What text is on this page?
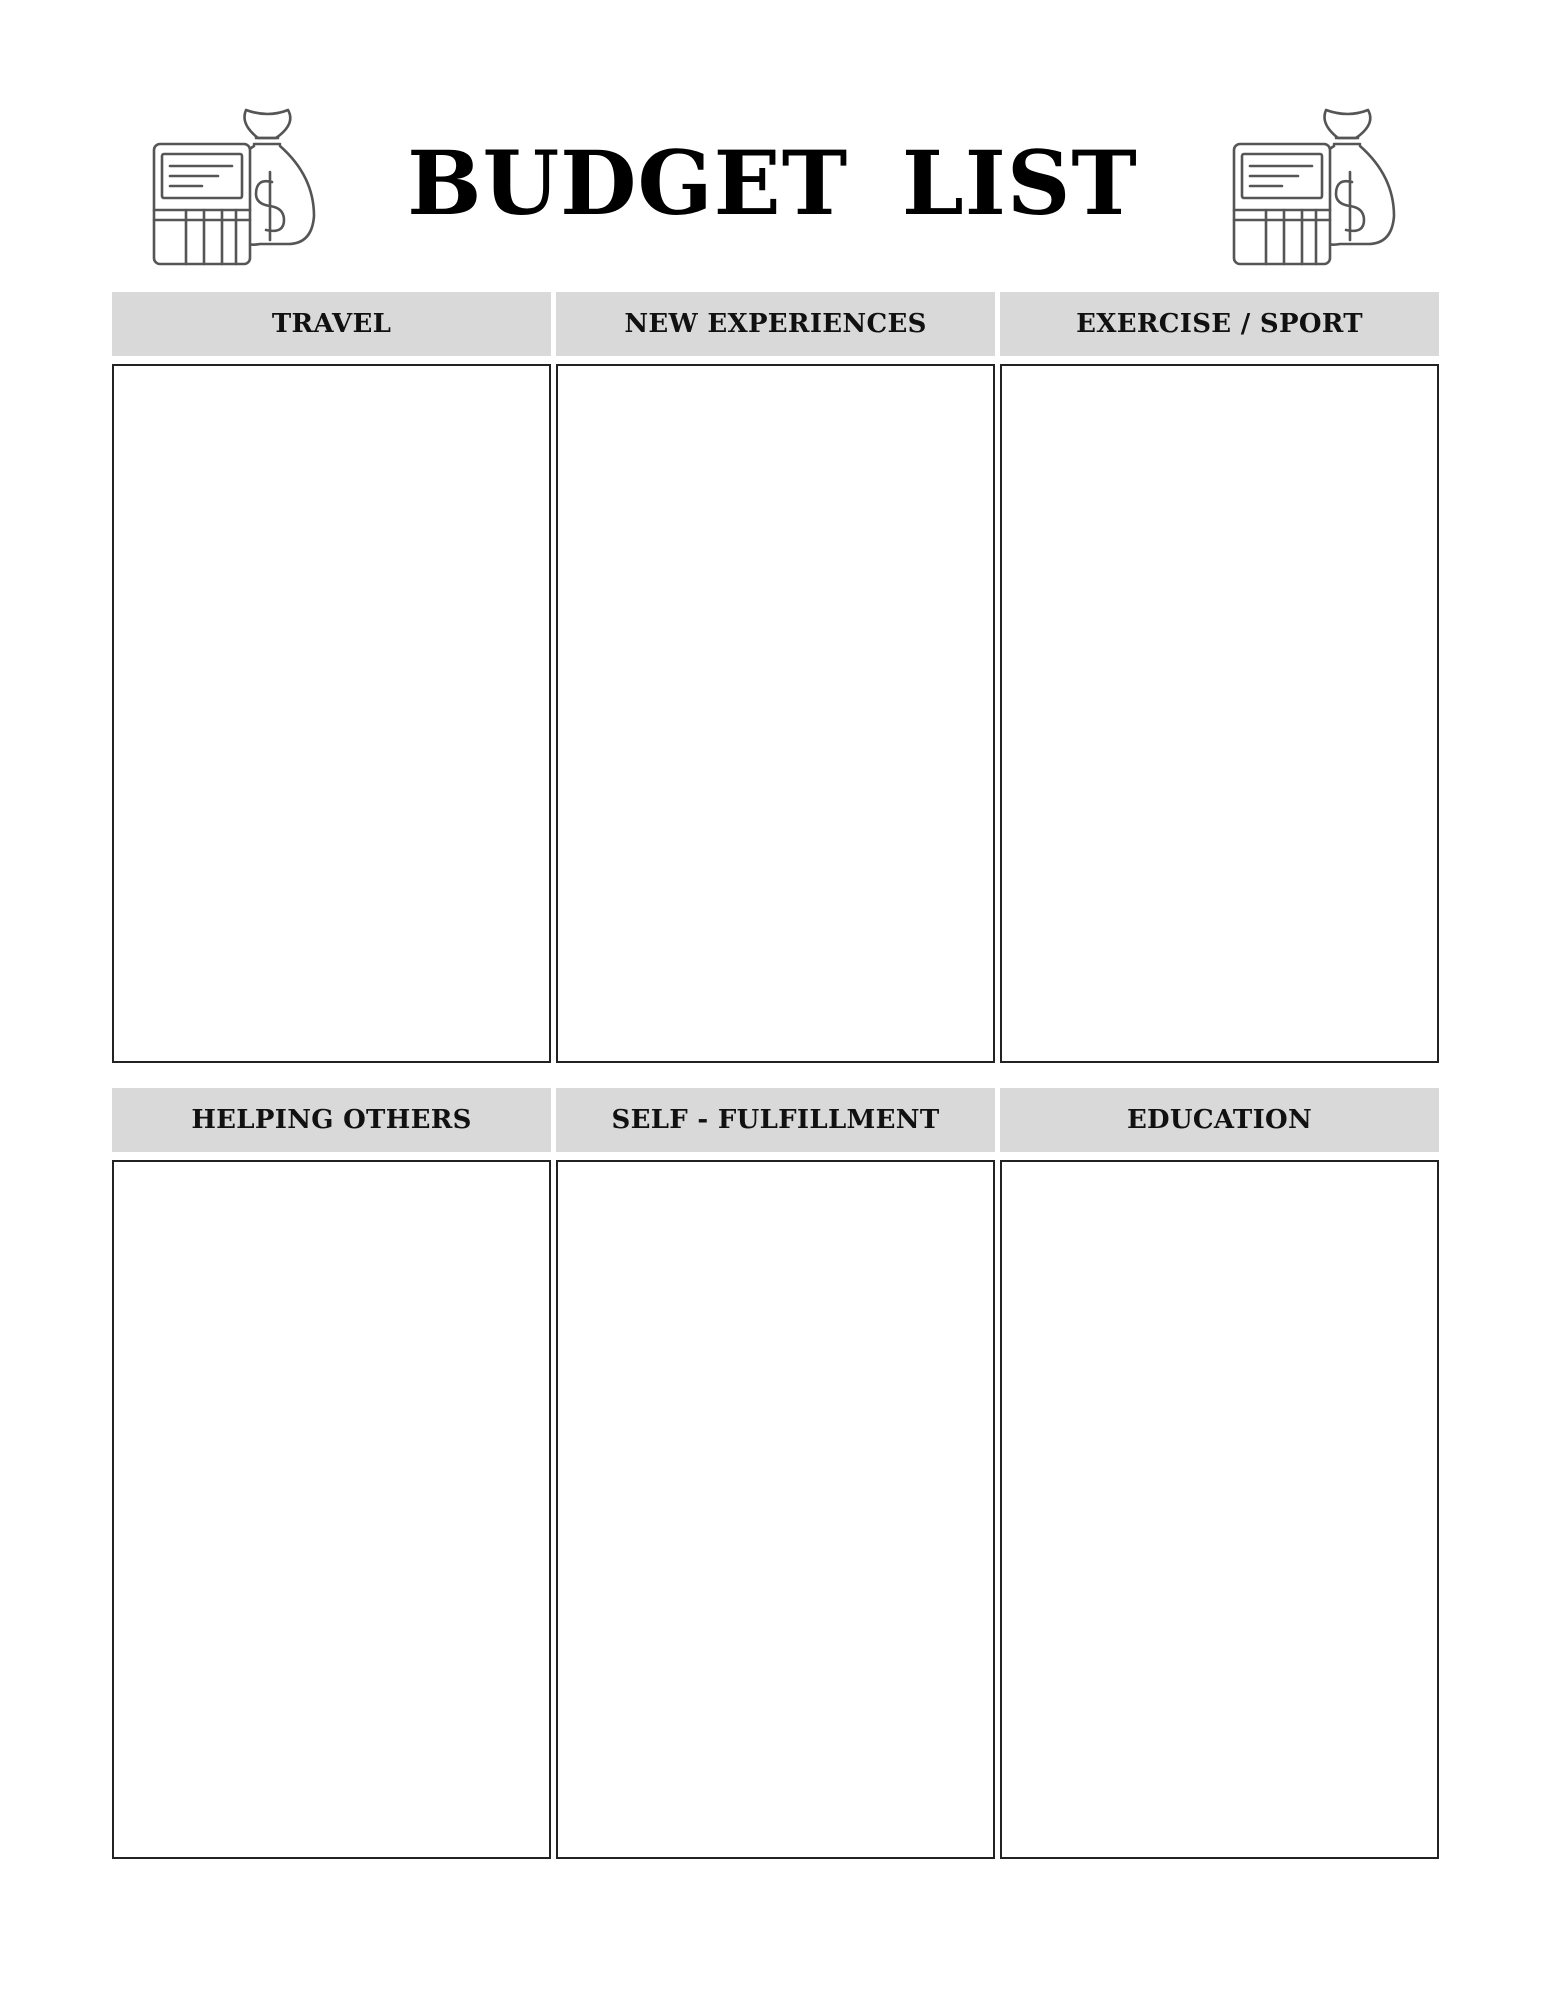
BUDGET LIST
TRAVEL	NEW EXPERIENCES	EXERCISE / SPORT
HELPING OTHERS	SELF - FULFILLMENT	EDUCATION
